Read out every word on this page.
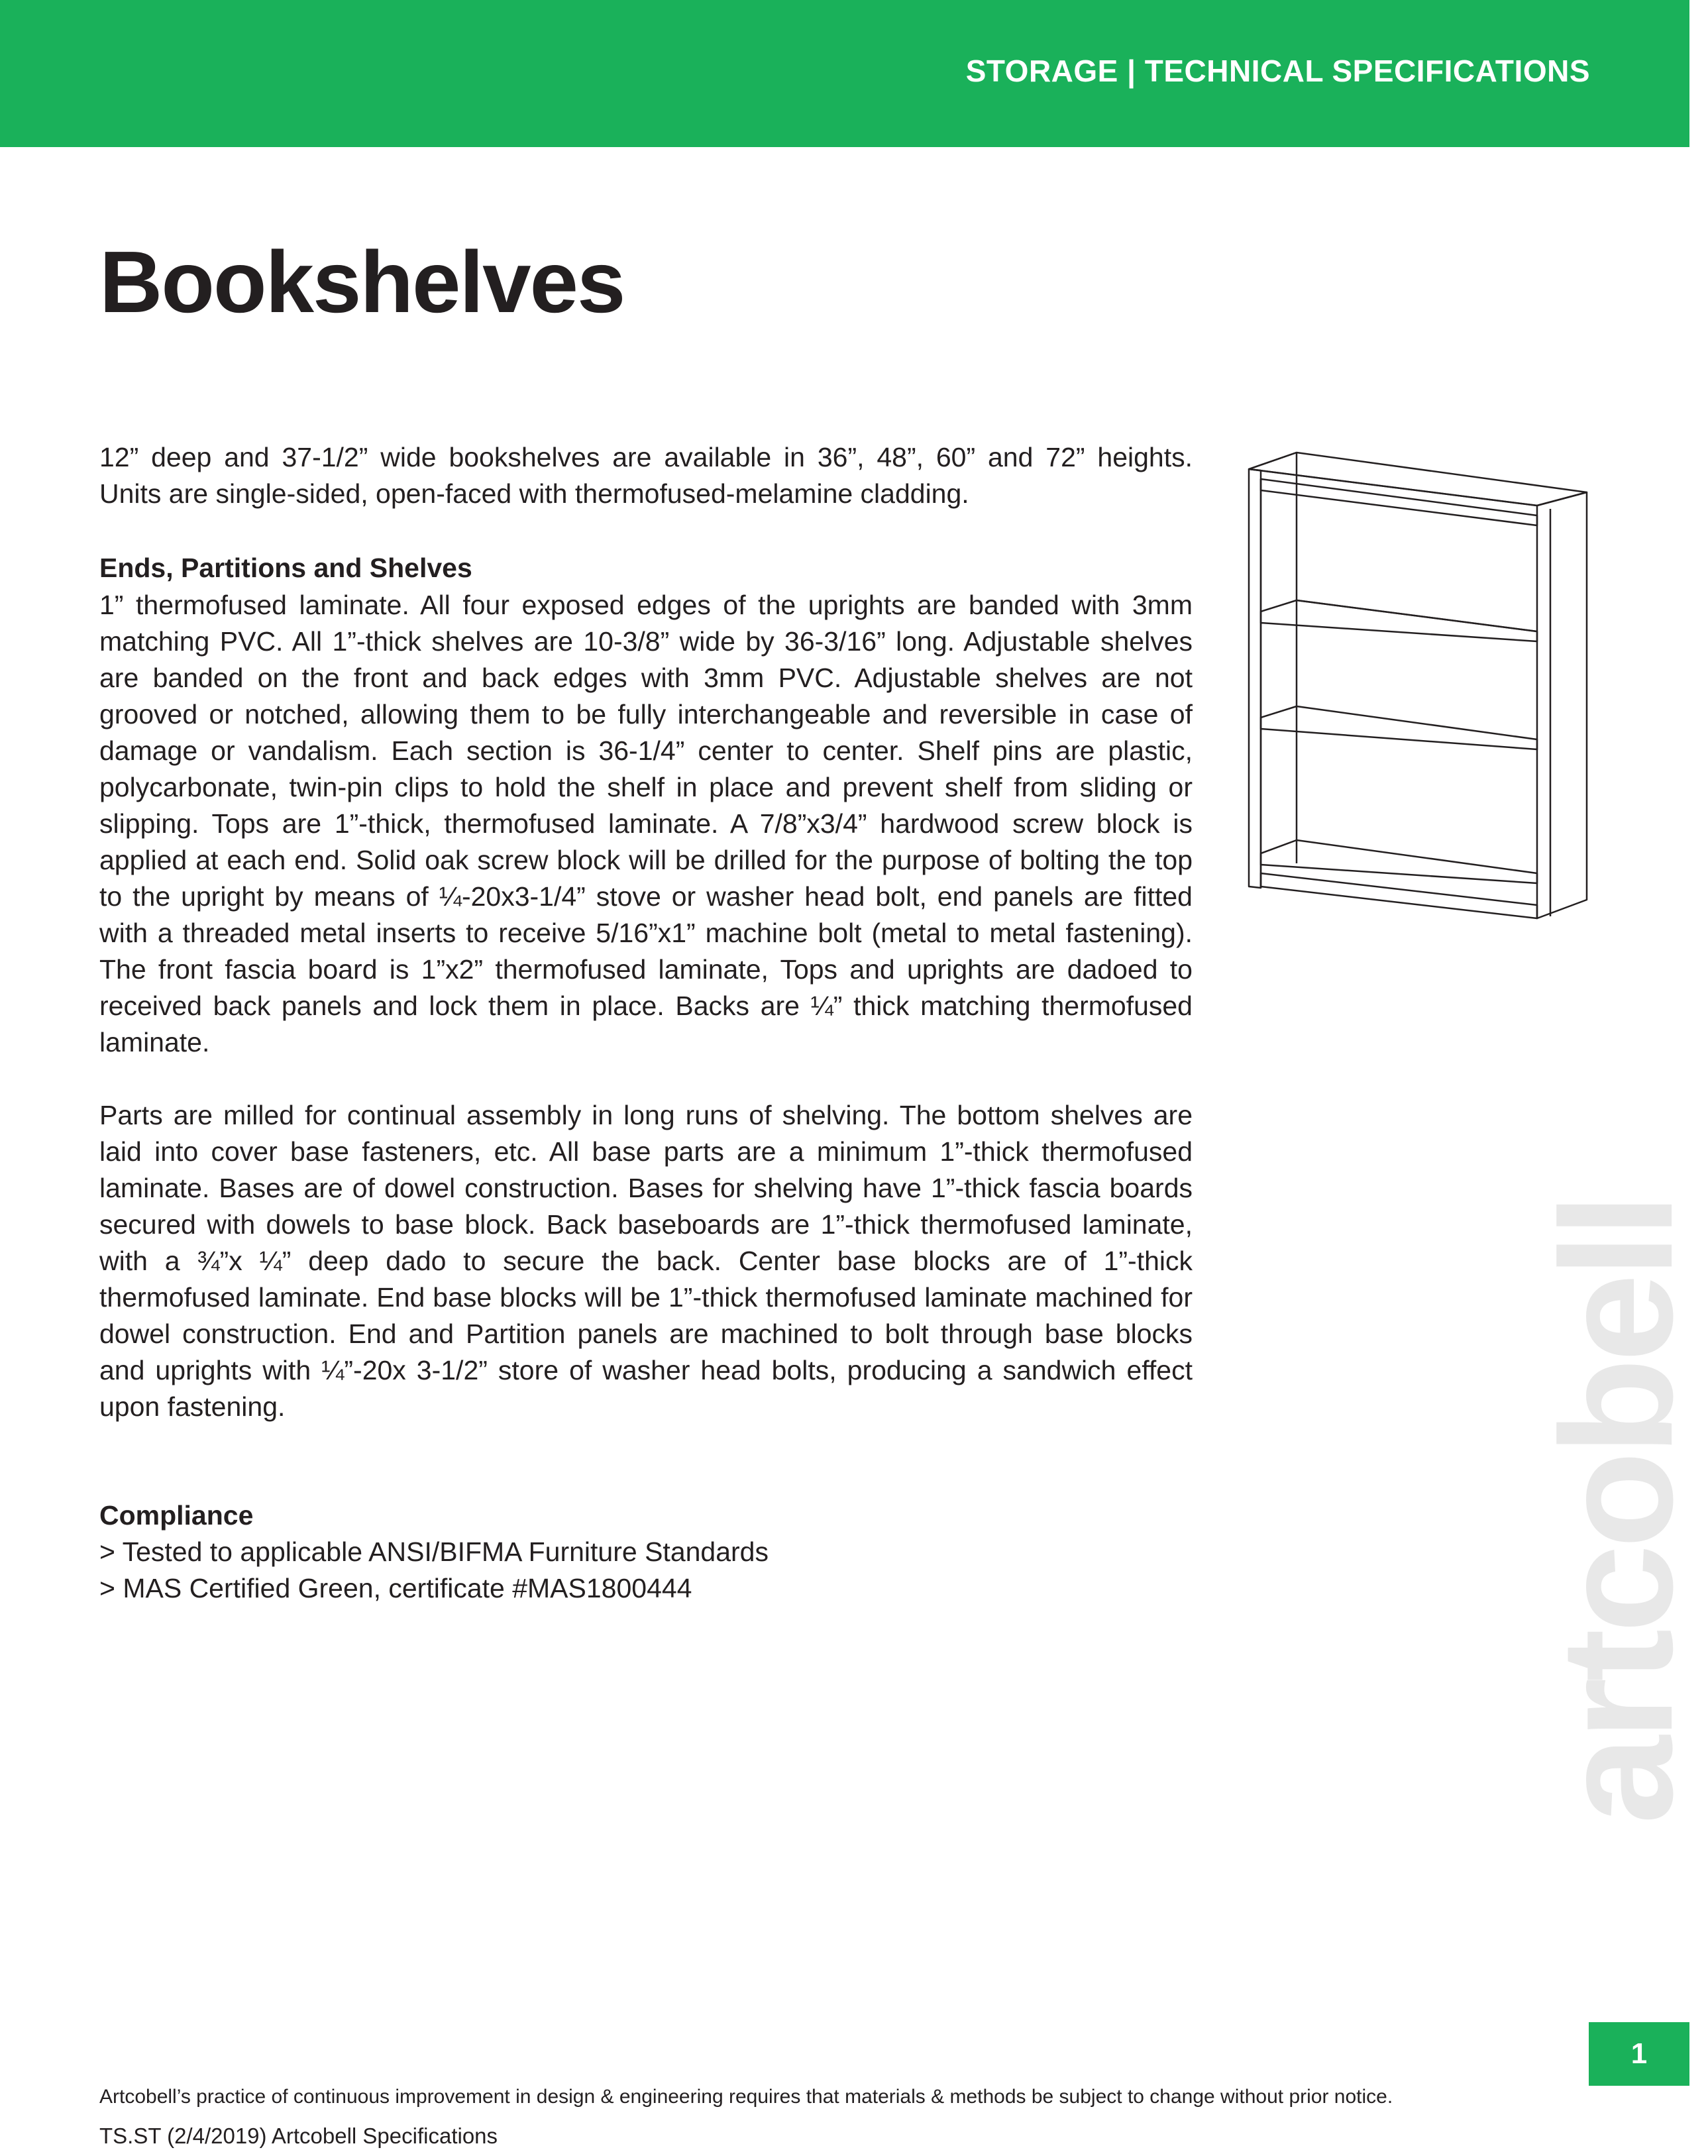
STORAGE | TECHNICAL SPECIFICATIONS
Bookshelves

12” deep and 37-1/2” wide bookshelves are available in 36”, 48”, 60” and 72” heights. Units are single-sided, open-faced with thermofused-melamine cladding.

Ends, Partitions and Shelves

1” thermofused laminate. All four exposed edges of the uprights are banded with 3mm matching PVC. All 1”-thick shelves are 10-3/8” wide by 36-3/16” long. Adjustable shelves are banded on the front and back edges with 3mm PVC. Adjustable shelves are not grooved or notched, allowing them to be fully interchangeable and reversible in case of damage or vandalism. Each section is 36-1/4” center to center. Shelf pins are plastic, polycarbonate, twin-pin clips to hold the shelf in place and prevent shelf from sliding or slipping. Tops are 1”-thick, thermofused laminate. A 7/8”x3/4” hardwood screw block is applied at each end. Solid oak screw block will be drilled for the purpose of bolting the top to the upright by means of ¼-20x3-1/4” stove or washer head bolt, end panels are fitted with a threaded metal inserts to receive 5/16”x1” machine bolt (metal to metal fastening). The front fascia board is 1”x2” thermofused laminate, Tops and uprights are dadoed to received back panels and lock them in place. Backs are ¼” thick matching thermofused laminate.

Parts are milled for continual assembly in long runs of shelving. The bottom shelves are laid into cover base fasteners, etc. All base parts are a minimum 1”-thick thermofused laminate. Bases are of dowel construction. Bases for shelving have 1”-thick fascia boards secured with dowels to base block. Back baseboards are 1”-thick thermofused laminate, with a ¾”x ¼” deep dado to secure the back. Center base blocks are of 1”-thick thermofused laminate. End base blocks will be 1”-thick thermofused laminate machined for dowel construction. End and Partition panels are machined to bolt through base blocks and uprights with ¼”-20x 3-1/2” store of washer head bolts, producing a sandwich effect upon fastening.

Compliance

> Tested to applicable ANSI/BIFMA Furniture Standards
> MAS Certified Green, certificate #MAS1800444	artcobell
1
Artcobell’s practice of continuous improvement in design & engineering requires that materials & methods be subject to change without prior notice.
TS.ST (2/4/2019) Artcobell Specifications
